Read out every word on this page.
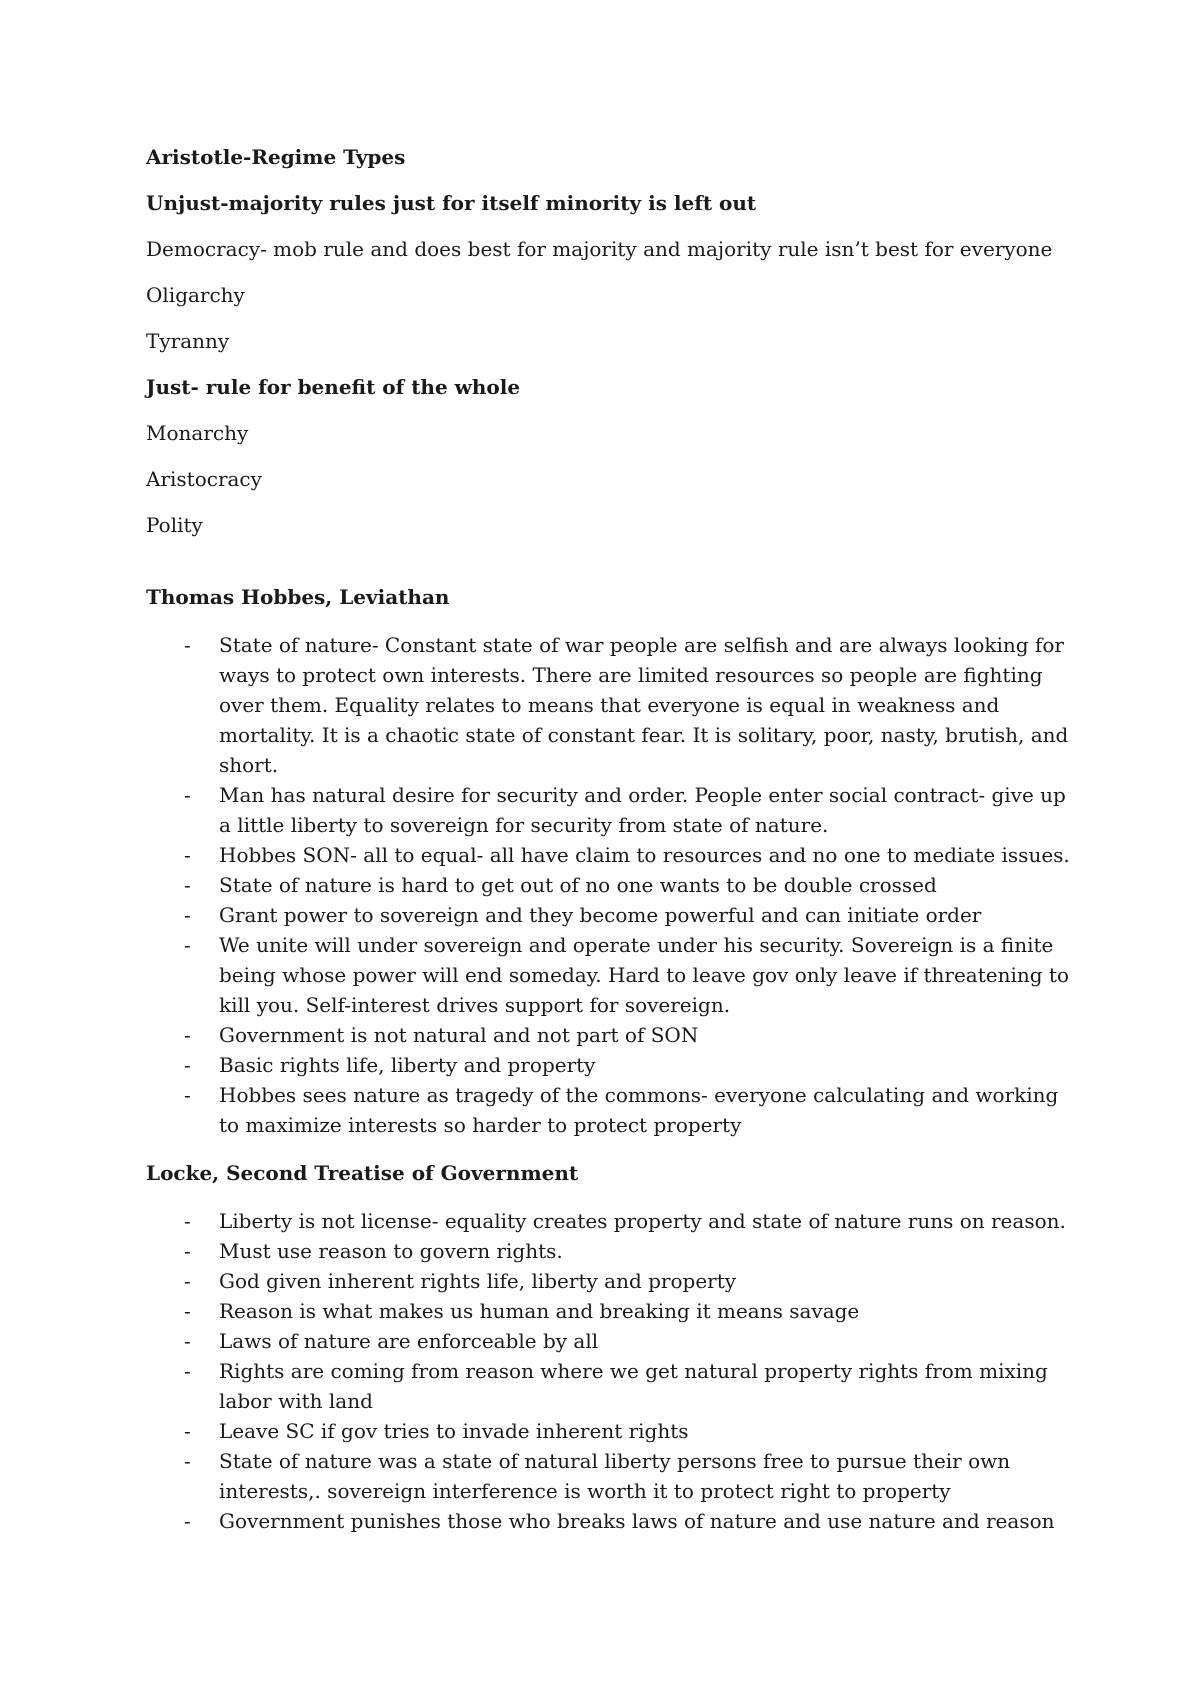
Aristotle-Regime Types

Unjust-majority rules just for itself minority is left out

Democracy- mob rule and does best for majority and majority rule isn’t best for everyone

Oligarchy

Tyranny

Just- rule for benefit of the whole

Monarchy

Aristocracy

Polity

Thomas Hobbes, Leviathan

- State of nature- Constant state of war people are selfish and are always looking for ways to protect own interests. There are limited resources so people are fighting over them. Equality relates to means that everyone is equal in weakness and mortality. It is a chaotic state of constant fear. It is solitary, poor, nasty, brutish, and short.
- Man has natural desire for security and order. People enter social contract- give up a little liberty to sovereign for security from state of nature.
- Hobbes SON- all to equal- all have claim to resources and no one to mediate issues.
- State of nature is hard to get out of no one wants to be double crossed
- Grant power to sovereign and they become powerful and can initiate order
- We unite will under sovereign and operate under his security. Sovereign is a finite being whose power will end someday. Hard to leave gov only leave if threatening to kill you. Self-interest drives support for sovereign.
- Government is not natural and not part of SON
- Basic rights life, liberty and property
- Hobbes sees nature as tragedy of the commons- everyone calculating and working to maximize interests so harder to protect property

Locke, Second Treatise of Government

- Liberty is not license- equality creates property and state of nature runs on reason.
- Must use reason to govern rights.
- God given inherent rights life, liberty and property
- Reason is what makes us human and breaking it means savage
- Laws of nature are enforceable by all
- Rights are coming from reason where we get natural property rights from mixing labor with land
- Leave SC if gov tries to invade inherent rights
- State of nature was a state of natural liberty persons free to pursue their own interests,. sovereign interference is worth it to protect right to property
- Government punishes those who breaks laws of nature and use nature and reason
